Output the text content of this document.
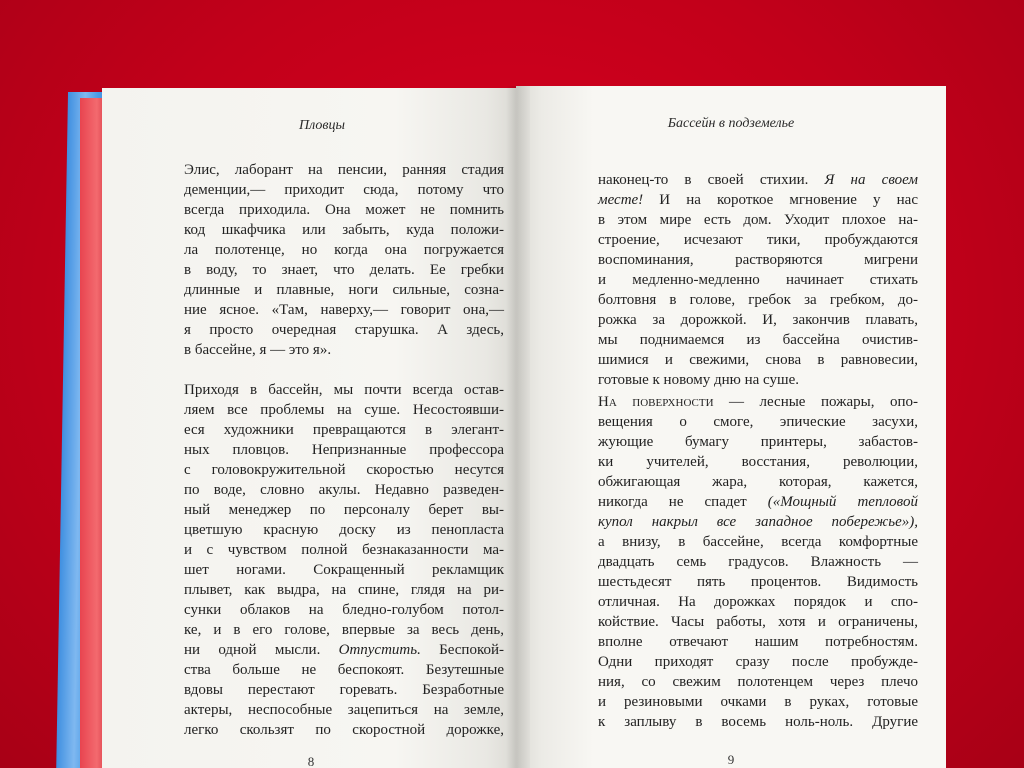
Пловцы
Элис, лаборант на пенсии, ранняя стадия
деменции,— приходит сюда, потому что
всегда приходила. Она может не помнить
код шкафчика или забыть, куда положи-
ла полотенце, но когда она погружается
в воду, то знает, что делать. Ее гребки
длинные и плавные, ноги сильные, созна-
ние ясное. «Там, наверху,— говорит она,—
я просто очередная старушка. А здесь,
в бассейне, я — это я».
Приходя в бассейн, мы почти всегда остав-
ляем все проблемы на суше. Несостоявши-
еся художники превращаются в элегант-
ных пловцов. Непризнанные профессора
с головокружительной скоростью несутся
по воде, словно акулы. Недавно разведен-
ный менеджер по персоналу берет вы-
цветшую красную доску из пенопласта
и с чувством полной безнаказанности ма-
шет ногами. Сокращенный рекламщик
плывет, как выдра, на спине, глядя на ри-
сунки облаков на бледно-голубом потол-
ке, и в его голове, впервые за весь день,
ни одной мысли. Отпустить. Беспокой-
ства больше не беспокоят. Безутешные
вдовы перестают горевать. Безработные
актеры, неспособные зацепиться на земле,
легко скользят по скоростной дорожке,
8
Бассейн в подземелье
наконец-то в своей стихии. Я на своем
месте! И на короткое мгновение у нас
в этом мире есть дом. Уходит плохое на-
строение, исчезают тики, пробуждаются
воспоминания, растворяются мигрени
и медленно-медленно начинает стихать
болтовня в голове, гребок за гребком, до-
рожка за дорожкой. И, закончив плавать,
мы поднимаемся из бассейна очистив-
шимися и свежими, снова в равновесии,
готовые к новому дню на суше.
На поверхности — лесные пожары, опо-
вещения о смоге, эпические засухи,
жующие бумагу принтеры, забастов-
ки учителей, восстания, революции,
обжигающая жара, которая, кажется,
никогда не спадет («Мощный тепловой
купол накрыл все западное побережье»),
а внизу, в бассейне, всегда комфортные
двадцать семь градусов. Влажность —
шестьдесят пять процентов. Видимость
отличная. На дорожках порядок и спо-
койствие. Часы работы, хотя и ограничены,
вполне отвечают нашим потребностям.
Одни приходят сразу после пробужде-
ния, со свежим полотенцем через плечо
и резиновыми очками в руках, готовые
к заплыву в восемь ноль-ноль. Другие
9
